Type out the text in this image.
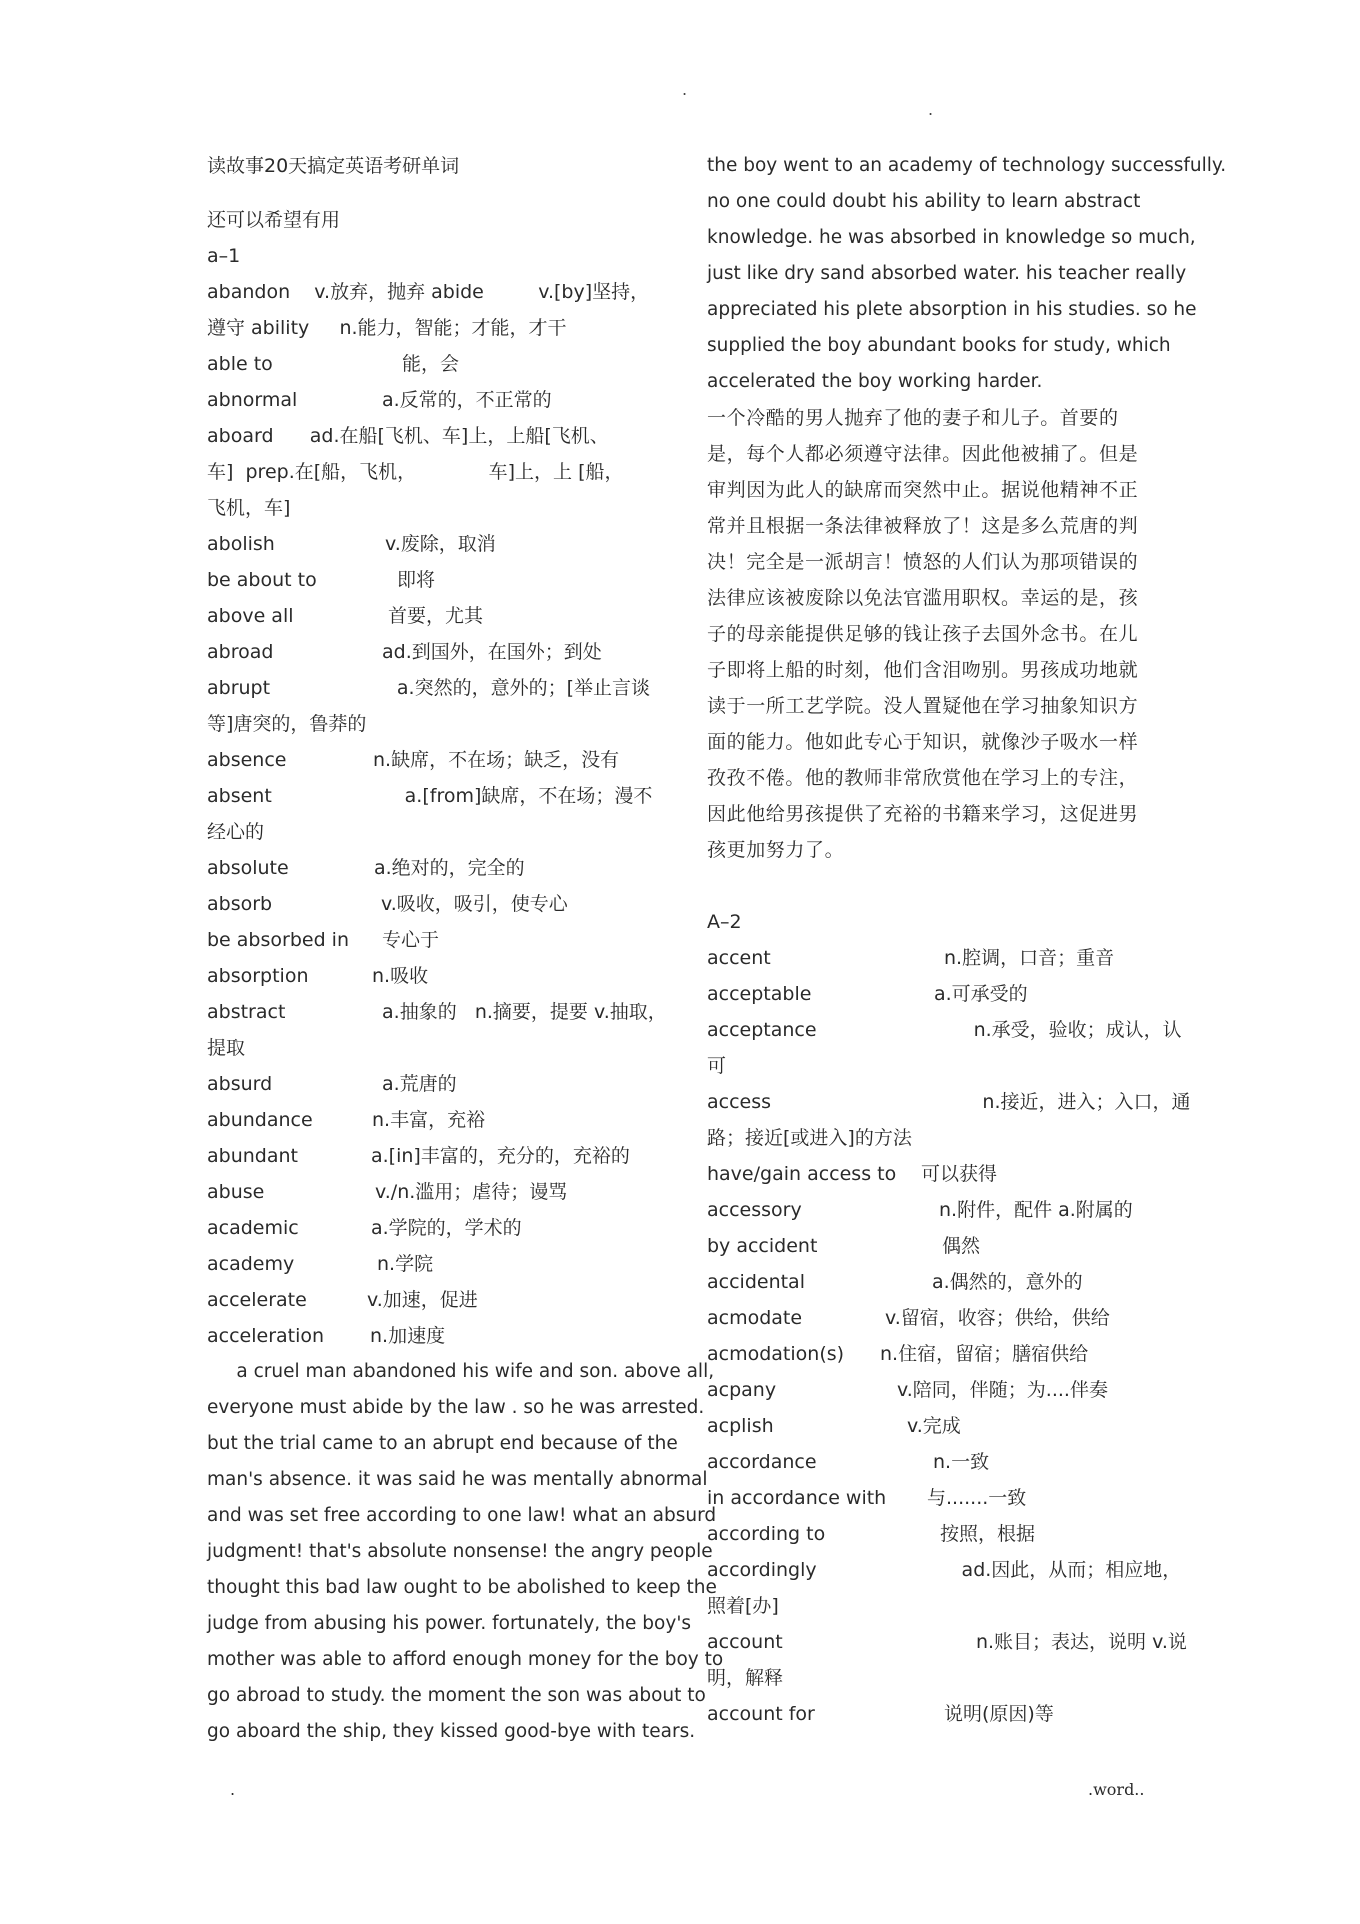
.
.
读故事20天搞定英语考研单词
还可以希望有用
a–1
abandon    v.放弃，抛弃 abide         v.[by]坚持，
遵守 ability     n.能力，智能；才能，才干
able to	能，会
abnormal	a.反常的，不正常的
aboard      ad.在船[飞机、车]上，上船[飞机、
车]  prep.在[船，飞机，            车]上，上 [船，
飞机，车]
abolish	v.废除，取消
be about to	即将
above all	首要，尤其
abroad	ad.到国外，在国外；到处
abrupt                     a.突然的，意外的；[举止言谈
等]唐突的，鲁莽的
absence	n.缺席，不在场；缺乏，没有
absent                      a.[from]缺席，不在场；漫不
经心的
absolute	a.绝对的，完全的
absorb	v.吸收，吸引，使专心
be absorbed in 专心于
absorption	n.吸收
abstract                a.抽象的   n.摘要，提要 v.抽取，
提取
absurd	a.荒唐的
abundance	n.丰富，充裕
abundant	a.[in]丰富的，充分的，充裕的
abuse	v./n.滥用；虐待；谩骂
academic	a.学院的，学术的
academy	n.学院
accelerate	v.加速，促进
acceleration n.加速度
a cruel man abandoned his wife and son. above all,
everyone must abide by the law . so he was arrested.
but the trial came to an abrupt end because of the
man's absence. it was said he was mentally abnormal
and was set free according to one law! what an absurd
judgment! that's absolute nonsense! the angry people
thought this bad law ought to be abolished to keep the
judge from abusing his power. fortunately, the boy's
mother was able to afford enough money for the boy to
go abroad to study. the moment the son was about to
go aboard the ship, they kissed good-bye with tears.
the boy went to an academy of technology successfully.
no one could doubt his ability to learn abstract
knowledge. he was absorbed in knowledge so much,
just like dry sand absorbed water. his teacher really
appreciated his plete absorption in his studies. so he
supplied the boy abundant books for study, which
accelerated the boy working harder.
一个冷酷的男人抛弃了他的妻子和儿子。首要的
是，每个人都必须遵守法律。因此他被捕了。但是
审判因为此人的缺席而突然中止。据说他精神不正
常并且根据一条法律被释放了！这是多么荒唐的判
决！完全是一派胡言！愤怒的人们认为那项错误的
法律应该被废除以免法官滥用职权。幸运的是，孩
子的母亲能提供足够的钱让孩子去国外念书。在儿
子即将上船的时刻，他们含泪吻别。男孩成功地就
读于一所工艺学院。没人置疑他在学习抽象知识方
面的能力。他如此专心于知识，就像沙子吸水一样
孜孜不倦。他的教师非常欣赏他在学习上的专注，
因此他给男孩提供了充裕的书籍来学习，这促进男
孩更加努力了。
A–2
accent	n.腔调，口音；重音
acceptable	a.可承受的
acceptance                          n.承受，验收；成认，认
可
access                                   n.接近，进入；入口，通
路；接近[或进入]的方法
have/gain access to 可以获得
accessory	n.附件，配件 a.附属的
by accident	偶然
accidental	a.偶然的，意外的
acmodate	v.留宿，收容；供给，供给
acmodation(s) n.住宿，留宿；膳宿供给
acpany	v.陪同，伴随；为....伴奏
acplish	v.完成
accordance	n.一致
in accordance with 与.......一致
according to	按照，根据
accordingly                        ad.因此，从而；相应地，
照着[办]
account                                n.账目；表达，说明 v.说
明，解释
account for	说明(原因)等
.	.word..
